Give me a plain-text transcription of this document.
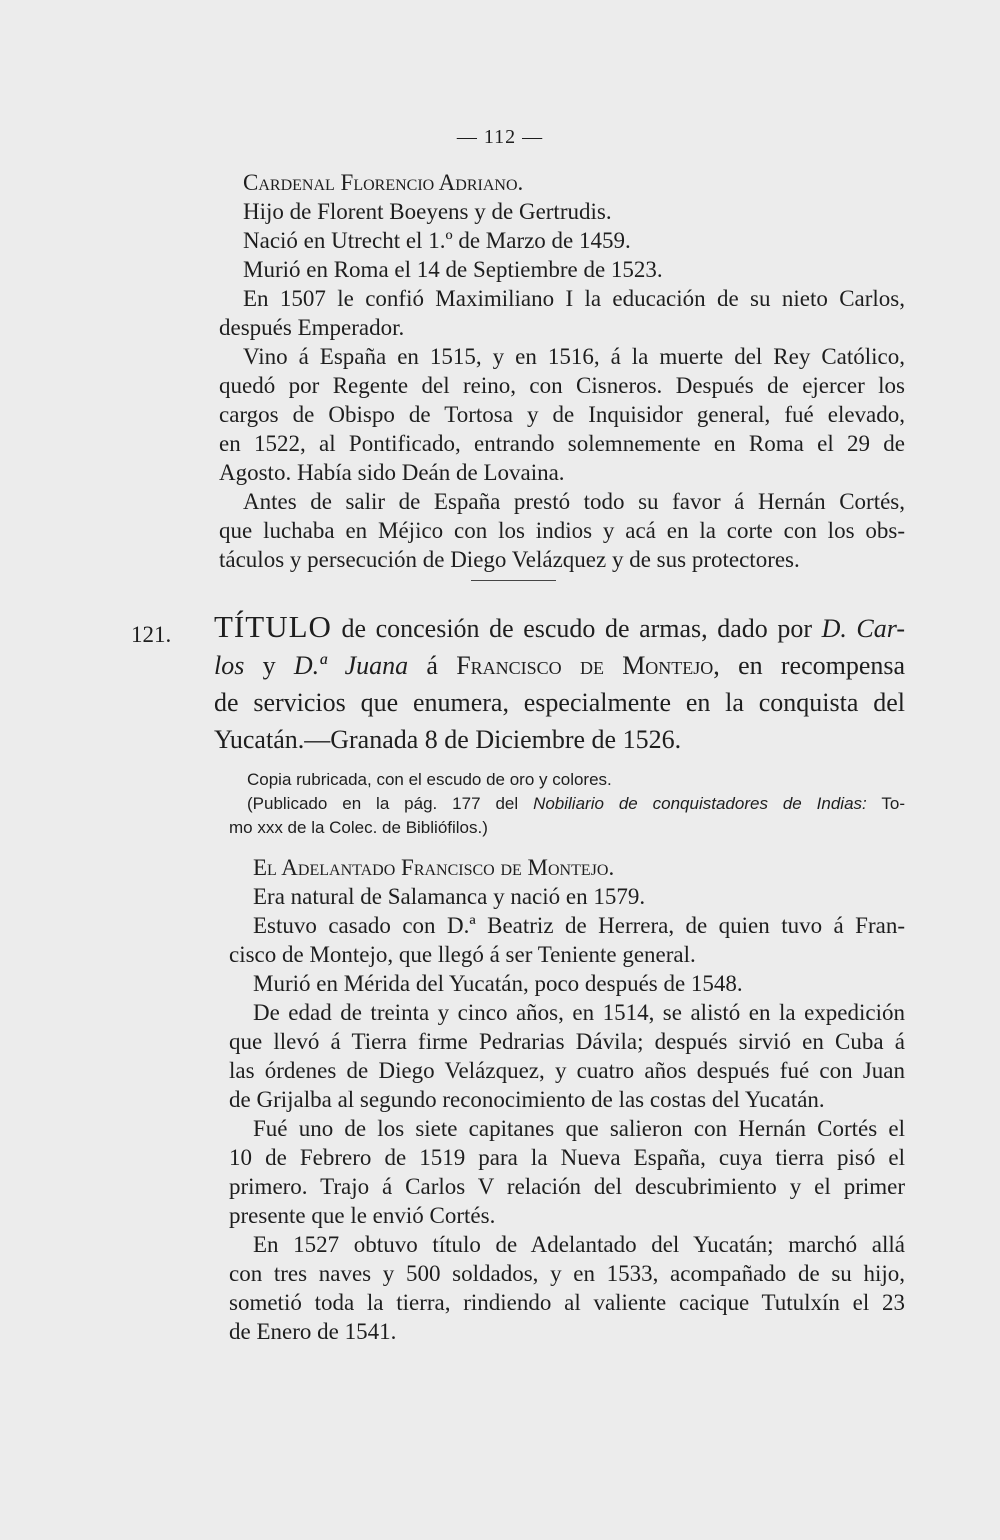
— 112 —
Cardenal Florencio Adriano.
Hijo de Florent Boeyens y de Gertrudis.
Nació en Utrecht el 1.º de Marzo de 1459.
Murió en Roma el 14 de Septiembre de 1523.
En 1507 le confió Maximiliano I la educación de su nieto Carlos,
después Emperador.
Vino á España en 1515, y en 1516, á la muerte del Rey Católico,
quedó por Regente del reino, con Cisneros. Después de ejercer los
cargos de Obispo de Tortosa y de Inquisidor general, fué elevado,
en 1522, al Pontificado, entrando solemnemente en Roma el 29 de
Agosto. Había sido Deán de Lovaina.
Antes de salir de España prestó todo su favor á Hernán Cortés,
que luchaba en Méjico con los indios y acá en la corte con los obs-
táculos y persecución de Diego Velázquez y de sus protectores.
121. TÍTULO de concesión de escudo de armas, dado por D. Car-
los y D.ª Juana á Francisco de Montejo, en recompensa
de servicios que enumera, especialmente en la conquista del
Yucatán.—Granada 8 de Diciembre de 1526.
Copia rubricada, con el escudo de oro y colores.
(Publicado en la pág. 177 del Nobiliario de conquistadores de Indias: To-
mo xxx de la Colec. de Bibliófilos.)
El Adelantado Francisco de Montejo.
Era natural de Salamanca y nació en 1579.
Estuvo casado con D.ª Beatriz de Herrera, de quien tuvo á Fran-
cisco de Montejo, que llegó á ser Teniente general.
Murió en Mérida del Yucatán, poco después de 1548.
De edad de treinta y cinco años, en 1514, se alistó en la expedición
que llevó á Tierra firme Pedrarias Dávila; después sirvió en Cuba á
las órdenes de Diego Velázquez, y cuatro años después fué con Juan
de Grijalba al segundo reconocimiento de las costas del Yucatán.
Fué uno de los siete capitanes que salieron con Hernán Cortés el
10 de Febrero de 1519 para la Nueva España, cuya tierra pisó el
primero. Trajo á Carlos V relación del descubrimiento y el primer
presente que le envió Cortés.
En 1527 obtuvo título de Adelantado del Yucatán; marchó allá
con tres naves y 500 soldados, y en 1533, acompañado de su hijo,
sometió toda la tierra, rindiendo al valiente cacique Tutulxín el 23
de Enero de 1541.
